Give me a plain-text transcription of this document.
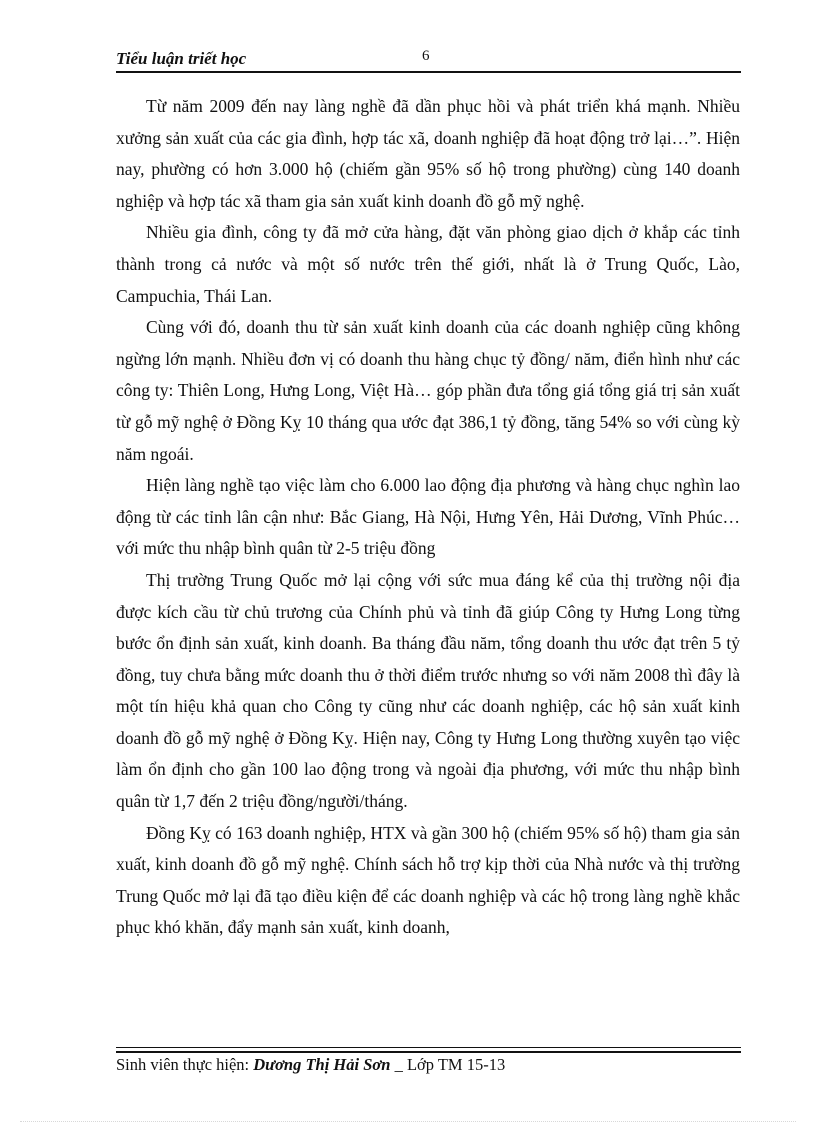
Tiểu luận triết học	6

Từ năm 2009 đến nay làng nghề đã dần phục hồi và phát triển khá mạnh. Nhiều xưởng sản xuất của các gia đình, hợp tác xã, doanh nghiệp đã hoạt động trở lại…”. Hiện nay, phường có hơn 3.000 hộ (chiếm gần 95% số hộ trong phường) cùng 140 doanh nghiệp và hợp tác xã tham gia sản xuất kinh doanh đồ gỗ mỹ nghệ.

Nhiều gia đình, công ty đã mở cửa hàng, đặt văn phòng giao dịch ở khắp các tỉnh thành trong cả nước và một số nước trên thế giới, nhất là ở Trung Quốc, Lào, Campuchia, Thái Lan.

Cùng với đó, doanh thu từ sản xuất kinh doanh của các doanh nghiệp cũng không ngừng lớn mạnh. Nhiều đơn vị có doanh thu hàng chục tỷ đồng/ năm, điển hình như các công ty: Thiên Long, Hưng Long, Việt Hà… góp phần đưa tổng giá tổng giá trị sản xuất từ gỗ mỹ nghệ ở Đồng Kỵ 10 tháng qua ước đạt 386,1 tỷ đồng, tăng 54% so với cùng kỳ năm ngoái.

Hiện làng nghề tạo việc làm cho 6.000 lao động địa phương và hàng chục nghìn lao động từ các tỉnh lân cận như: Bắc Giang, Hà Nội, Hưng Yên, Hải Dương, Vĩnh Phúc… với mức thu nhập bình quân từ 2-5 triệu đồng

Thị trường Trung Quốc mở lại cộng với sức mua đáng kể của thị trường nội địa được kích cầu từ chủ trương của Chính phủ và tỉnh đã giúp Công ty Hưng Long từng bước ổn định sản xuất, kinh doanh. Ba tháng đầu năm, tổng doanh thu ước đạt trên 5 tỷ đồng, tuy chưa bằng mức doanh thu ở thời điểm trước nhưng so với năm 2008 thì đây là một tín hiệu khả quan cho Công ty cũng như các doanh nghiệp, các hộ sản xuất kinh doanh đồ gỗ mỹ nghệ ở Đồng Kỵ. Hiện nay, Công ty Hưng Long thường xuyên tạo việc làm ổn định cho gần 100 lao động trong và ngoài địa phương, với mức thu nhập bình quân từ 1,7 đến 2 triệu đồng/người/tháng.

Đồng Kỵ có 163 doanh nghiệp, HTX và gần 300 hộ (chiếm 95% số hộ) tham gia sản xuất, kinh doanh đồ gỗ mỹ nghệ. Chính sách hỗ trợ kịp thời của Nhà nước và thị trường Trung Quốc mở lại đã tạo điều kiện để các doanh nghiệp và các hộ trong làng nghề khắc phục khó khăn, đẩy mạnh sản xuất, kinh doanh,

Sinh viên thực hiện: Dương Thị Hải Sơn _ Lớp TM 15-13
